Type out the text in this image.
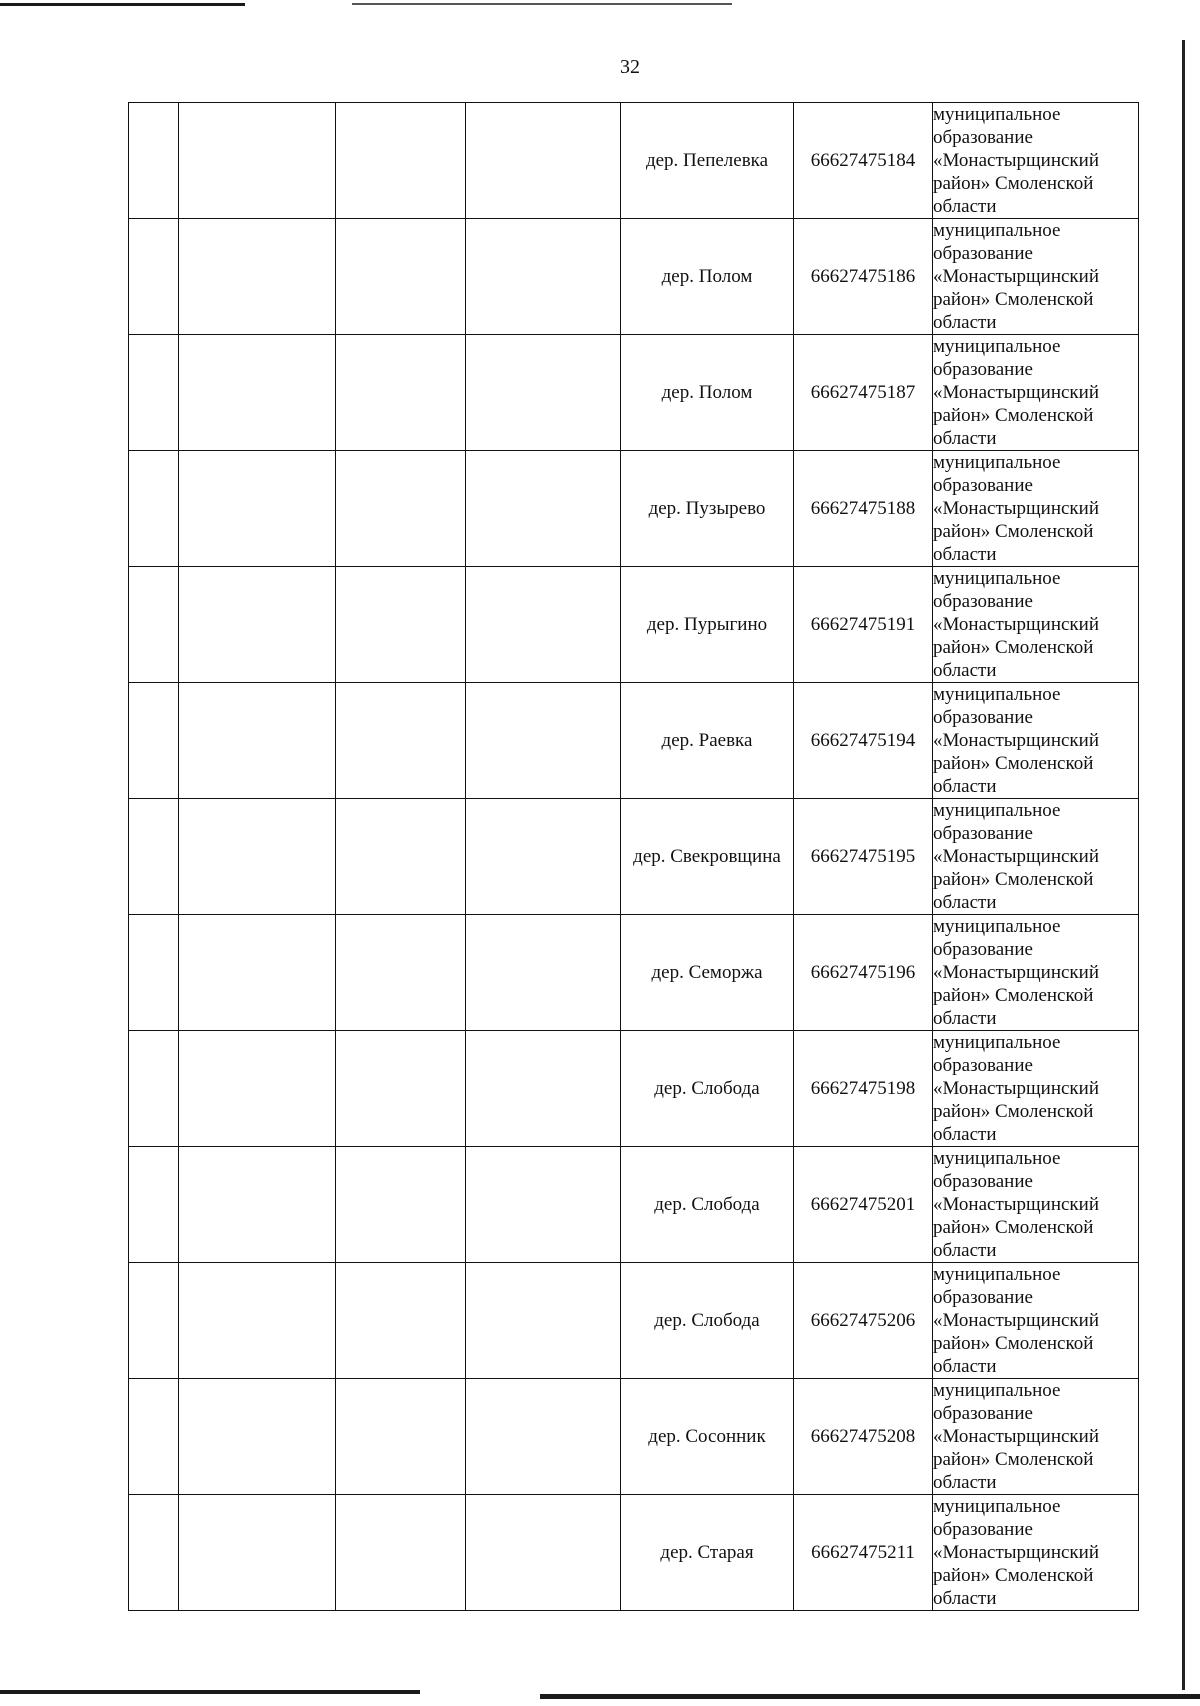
32
				дер. Пепелевка	66627475184	муниципальное образование «Монастырщинский район» Смоленской области
				дер. Полом	66627475186	муниципальное образование «Монастырщинский район» Смоленской области
				дер. Полом	66627475187	муниципальное образование «Монастырщинский район» Смоленской области
				дер. Пузырево	66627475188	муниципальное образование «Монастырщинский район» Смоленской области
				дер. Пурыгино	66627475191	муниципальное образование «Монастырщинский район» Смоленской области
				дер. Раевка	66627475194	муниципальное образование «Монастырщинский район» Смоленской области
				дер. Свекровщина	66627475195	муниципальное образование «Монастырщинский район» Смоленской области
				дер. Семоржа	66627475196	муниципальное образование «Монастырщинский район» Смоленской области
				дер. Слобода	66627475198	муниципальное образование «Монастырщинский район» Смоленской области
				дер. Слобода	66627475201	муниципальное образование «Монастырщинский район» Смоленской области
				дер. Слобода	66627475206	муниципальное образование «Монастырщинский район» Смоленской области
				дер. Сосонник	66627475208	муниципальное образование «Монастырщинский район» Смоленской области
				дер. Старая	66627475211	муниципальное образование «Монастырщинский район» Смоленской области
